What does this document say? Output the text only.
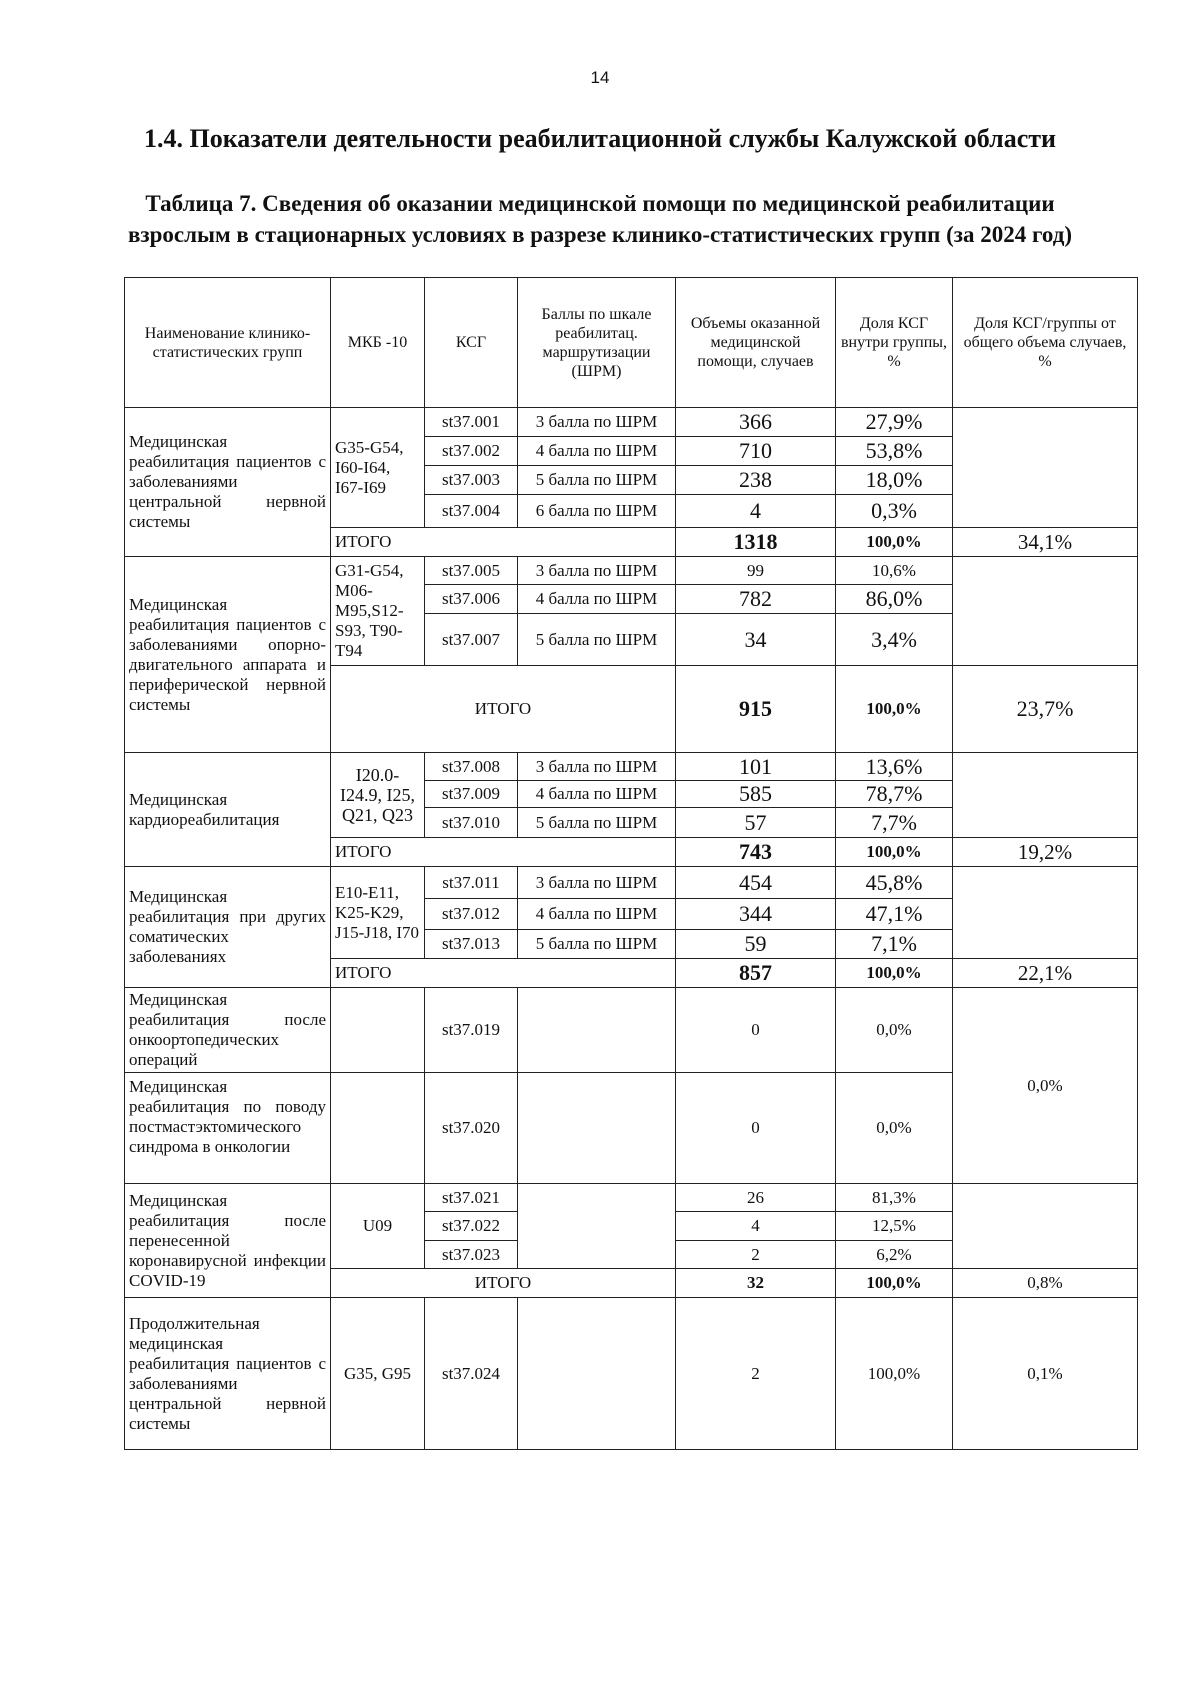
14
1.4. Показатели деятельности реабилитационной службы Калужской области
Таблица 7. Сведения об оказании медицинской помощи по медицинской реабилитации взрослым в стационарных условиях в разрезе клинико-статистических групп (за 2024 год)
Наименование клинико-статистических групп	МКБ -10	КСГ	Баллы по шкале реабилитац. маршрутизации (ШРМ)	Объемы оказанной медицинской помощи, случаев	Доля КСГ внутри группы, %	Доля КСГ/группы от общего объема случаев, %
Медицинская реабилитация пациентов с заболеваниями центральной нервной системы	G35-G54, I60-I64, I67-I69	st37.001	3 балла по ШРМ	366	27,9%	
		st37.002	4 балла по ШРМ	710	53,8%	
		st37.003	5 балла по ШРМ	238	18,0%	
		st37.004	6 балла по ШРМ	4	0,3%	
	ИТОГО			1318	100,0%	34,1%
Медицинская реабилитация пациентов с заболеваниями опорно-двигательного аппарата и периферической нервной системы	G31-G54, M06-M95,S12-S93, T90-T94	st37.005	3 балла по ШРМ	99	10,6%	
		st37.006	4 балла по ШРМ	782	86,0%	
		st37.007	5 балла по ШРМ	34	3,4%	
	ИТОГО			915	100,0%	23,7%
Медицинская кардиореабилитация	I20.0-I24.9, I25, Q21, Q23	st37.008	3 балла по ШРМ	101	13,6%	
		st37.009	4 балла по ШРМ	585	78,7%	
		st37.010	5 балла по ШРМ	57	7,7%	
	ИТОГО			743	100,0%	19,2%
Медицинская реабилитация при других соматических заболеваниях	E10-E11, K25-K29, J15-J18, I70	st37.011	3 балла по ШРМ	454	45,8%	
		st37.012	4 балла по ШРМ	344	47,1%	
		st37.013	5 балла по ШРМ	59	7,1%	
	ИТОГО			857	100,0%	22,1%
Медицинская реабилитация после онкоортопедических операций		st37.019		0	0,0%	0,0%
Медицинская реабилитация по поводу постмастэктомического синдрома в онкологии		st37.020		0	0,0%	
Медицинская реабилитация после перенесенной коронавирусной инфекции COVID-19	U09	st37.021		26	81,3%	
		st37.022		4	12,5%	
		st37.023		2	6,2%	
	ИТОГО			32	100,0%	0,8%
Продолжительная медицинская реабилитация пациентов с заболеваниями центральной нервной системы	G35, G95	st37.024		2	100,0%	0,1%
